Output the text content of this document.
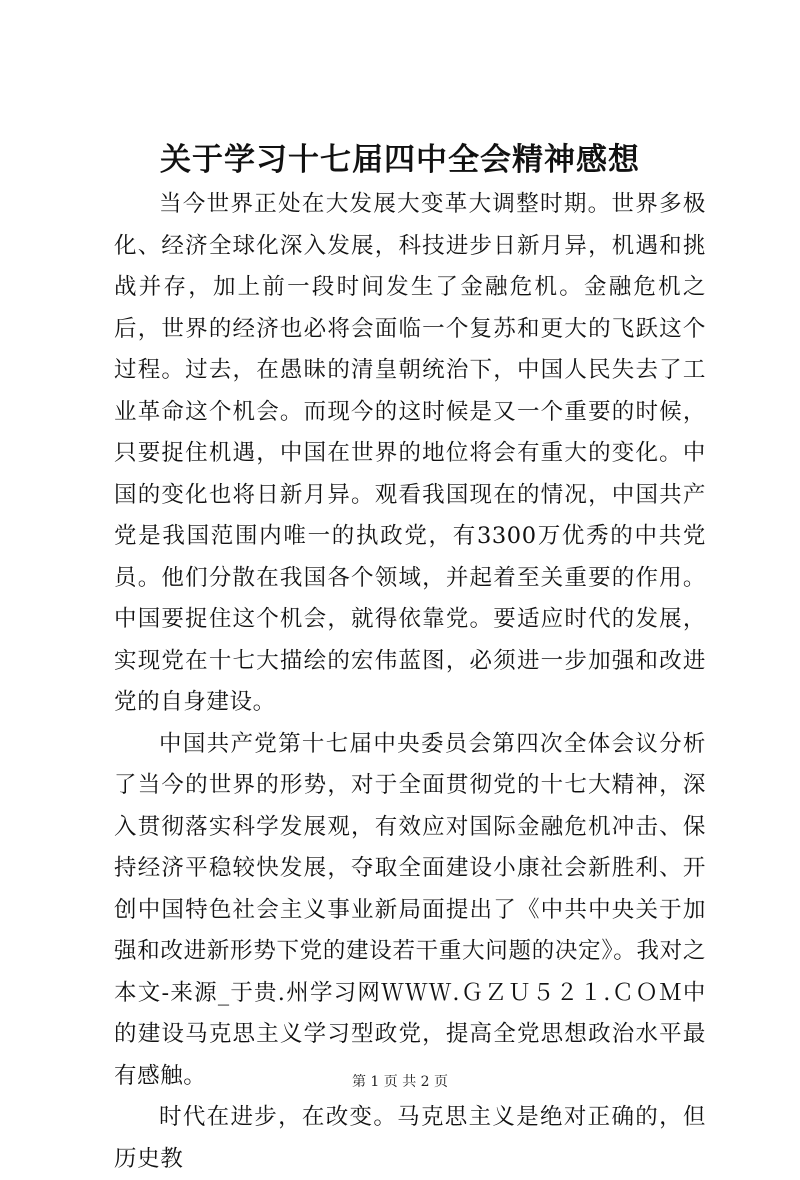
关于学习十七届四中全会精神感想

当今世界正处在大发展大变革大调整时期。世界多极化、经济全球化深入发展，科技进步日新月异，机遇和挑战并存，加上前一段时间发生了金融危机。金融危机之后，世界的经济也必将会面临一个复苏和更大的飞跃这个过程。过去，在愚昧的清皇朝统治下，中国人民失去了工业革命这个机会。而现今的这时候是又一个重要的时候，只要捉住机遇，中国在世界的地位将会有重大的变化。中国的变化也将日新月异。观看我国现在的情况，中国共产党是我国范围内唯一的执政党，有3300万优秀的中共党员。他们分散在我国各个领域，并起着至关重要的作用。中国要捉住这个机会，就得依靠党。要适应时代的发展，实现党在十七大描绘的宏伟蓝图，必须进一步加强和改进党的自身建设。

中国共产党第十七届中央委员会第四次全体会议分析了当今的世界的形势，对于全面贯彻党的十七大精神，深入贯彻落实科学发展观，有效应对国际金融危机冲击、保持经济平稳较快发展，夺取全面建设小康社会新胜利、开创中国特色社会主义事业新局面提出了《中共中央关于加强和改进新形势下党的建设若干重大问题的决定》。我对之本文-来源_于贵.州学习网ＷＷＷ.ＧＺＵ５２１.ＣＯＭ中的建设马克思主义学习型政党，提高全党思想政治水平最有感触。

时代在进步，在改变。马克思主义是绝对正确的，但历史教

第 1 页 共 2 页
